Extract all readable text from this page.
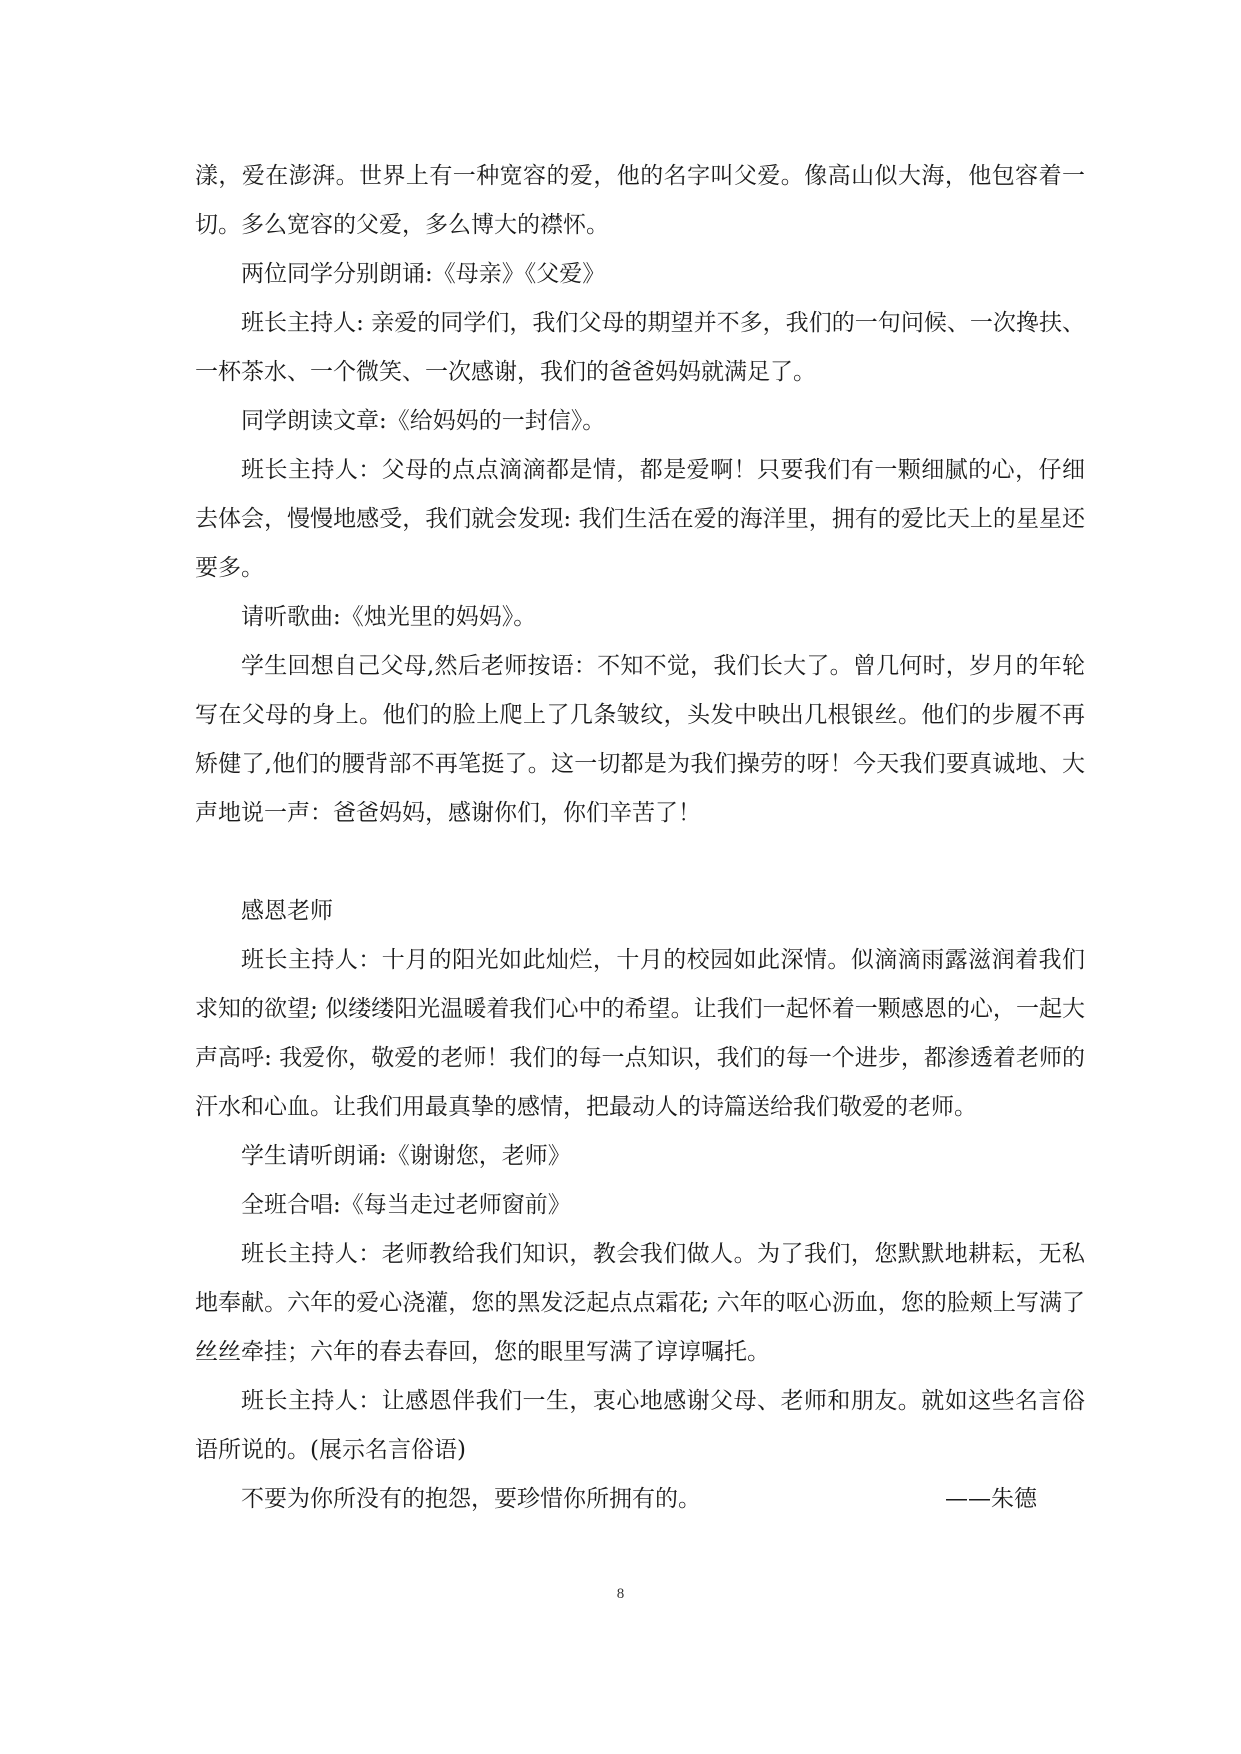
漾，爱在澎湃。世界上有一种宽容的爱，他的名字叫父爱。像高山似大海，他包容着一切。多么宽容的父爱，多么博大的襟怀。

两位同学分别朗诵:《母亲》《父爱》

班长主持人: 亲爱的同学们，我们父母的期望并不多，我们的一句问候、一次搀扶、一杯茶水、一个微笑、一次感谢，我们的爸爸妈妈就满足了。

同学朗读文章:《给妈妈的一封信》。

班长主持人：父母的点点滴滴都是情，都是爱啊！只要我们有一颗细腻的心，仔细去体会，慢慢地感受，我们就会发现: 我们生活在爱的海洋里，拥有的爱比天上的星星还要多。

请听歌曲:《烛光里的妈妈》。

学生回想自己父母,然后老师按语：不知不觉，我们长大了。曾几何时，岁月的年轮写在父母的身上。他们的脸上爬上了几条皱纹，头发中映出几根银丝。他们的步履不再矫健了,他们的腰背部不再笔挺了。这一切都是为我们操劳的呀！今天我们要真诚地、大声地说一声：爸爸妈妈，感谢你们，你们辛苦了！

感恩老师

班长主持人：十月的阳光如此灿烂，十月的校园如此深情。似滴滴雨露滋润着我们求知的欲望; 似缕缕阳光温暖着我们心中的希望。让我们一起怀着一颗感恩的心，一起大声高呼: 我爱你，敬爱的老师！我们的每一点知识，我们的每一个进步，都渗透着老师的汗水和心血。让我们用最真挚的感情，把最动人的诗篇送给我们敬爱的老师。

学生请听朗诵:《谢谢您，老师》

全班合唱:《每当走过老师窗前》

班长主持人：老师教给我们知识，教会我们做人。为了我们，您默默地耕耘，无私地奉献。六年的爱心浇灌，您的黑发泛起点点霜花; 六年的呕心沥血，您的脸颊上写满了丝丝牵挂；六年的春去春回，您的眼里写满了谆谆嘱托。

班长主持人：让感恩伴我们一生，衷心地感谢父母、老师和朋友。就如这些名言俗语所说的。(展示名言俗语)

不要为你所没有的抱怨，要珍惜你所拥有的。	——朱德
8
